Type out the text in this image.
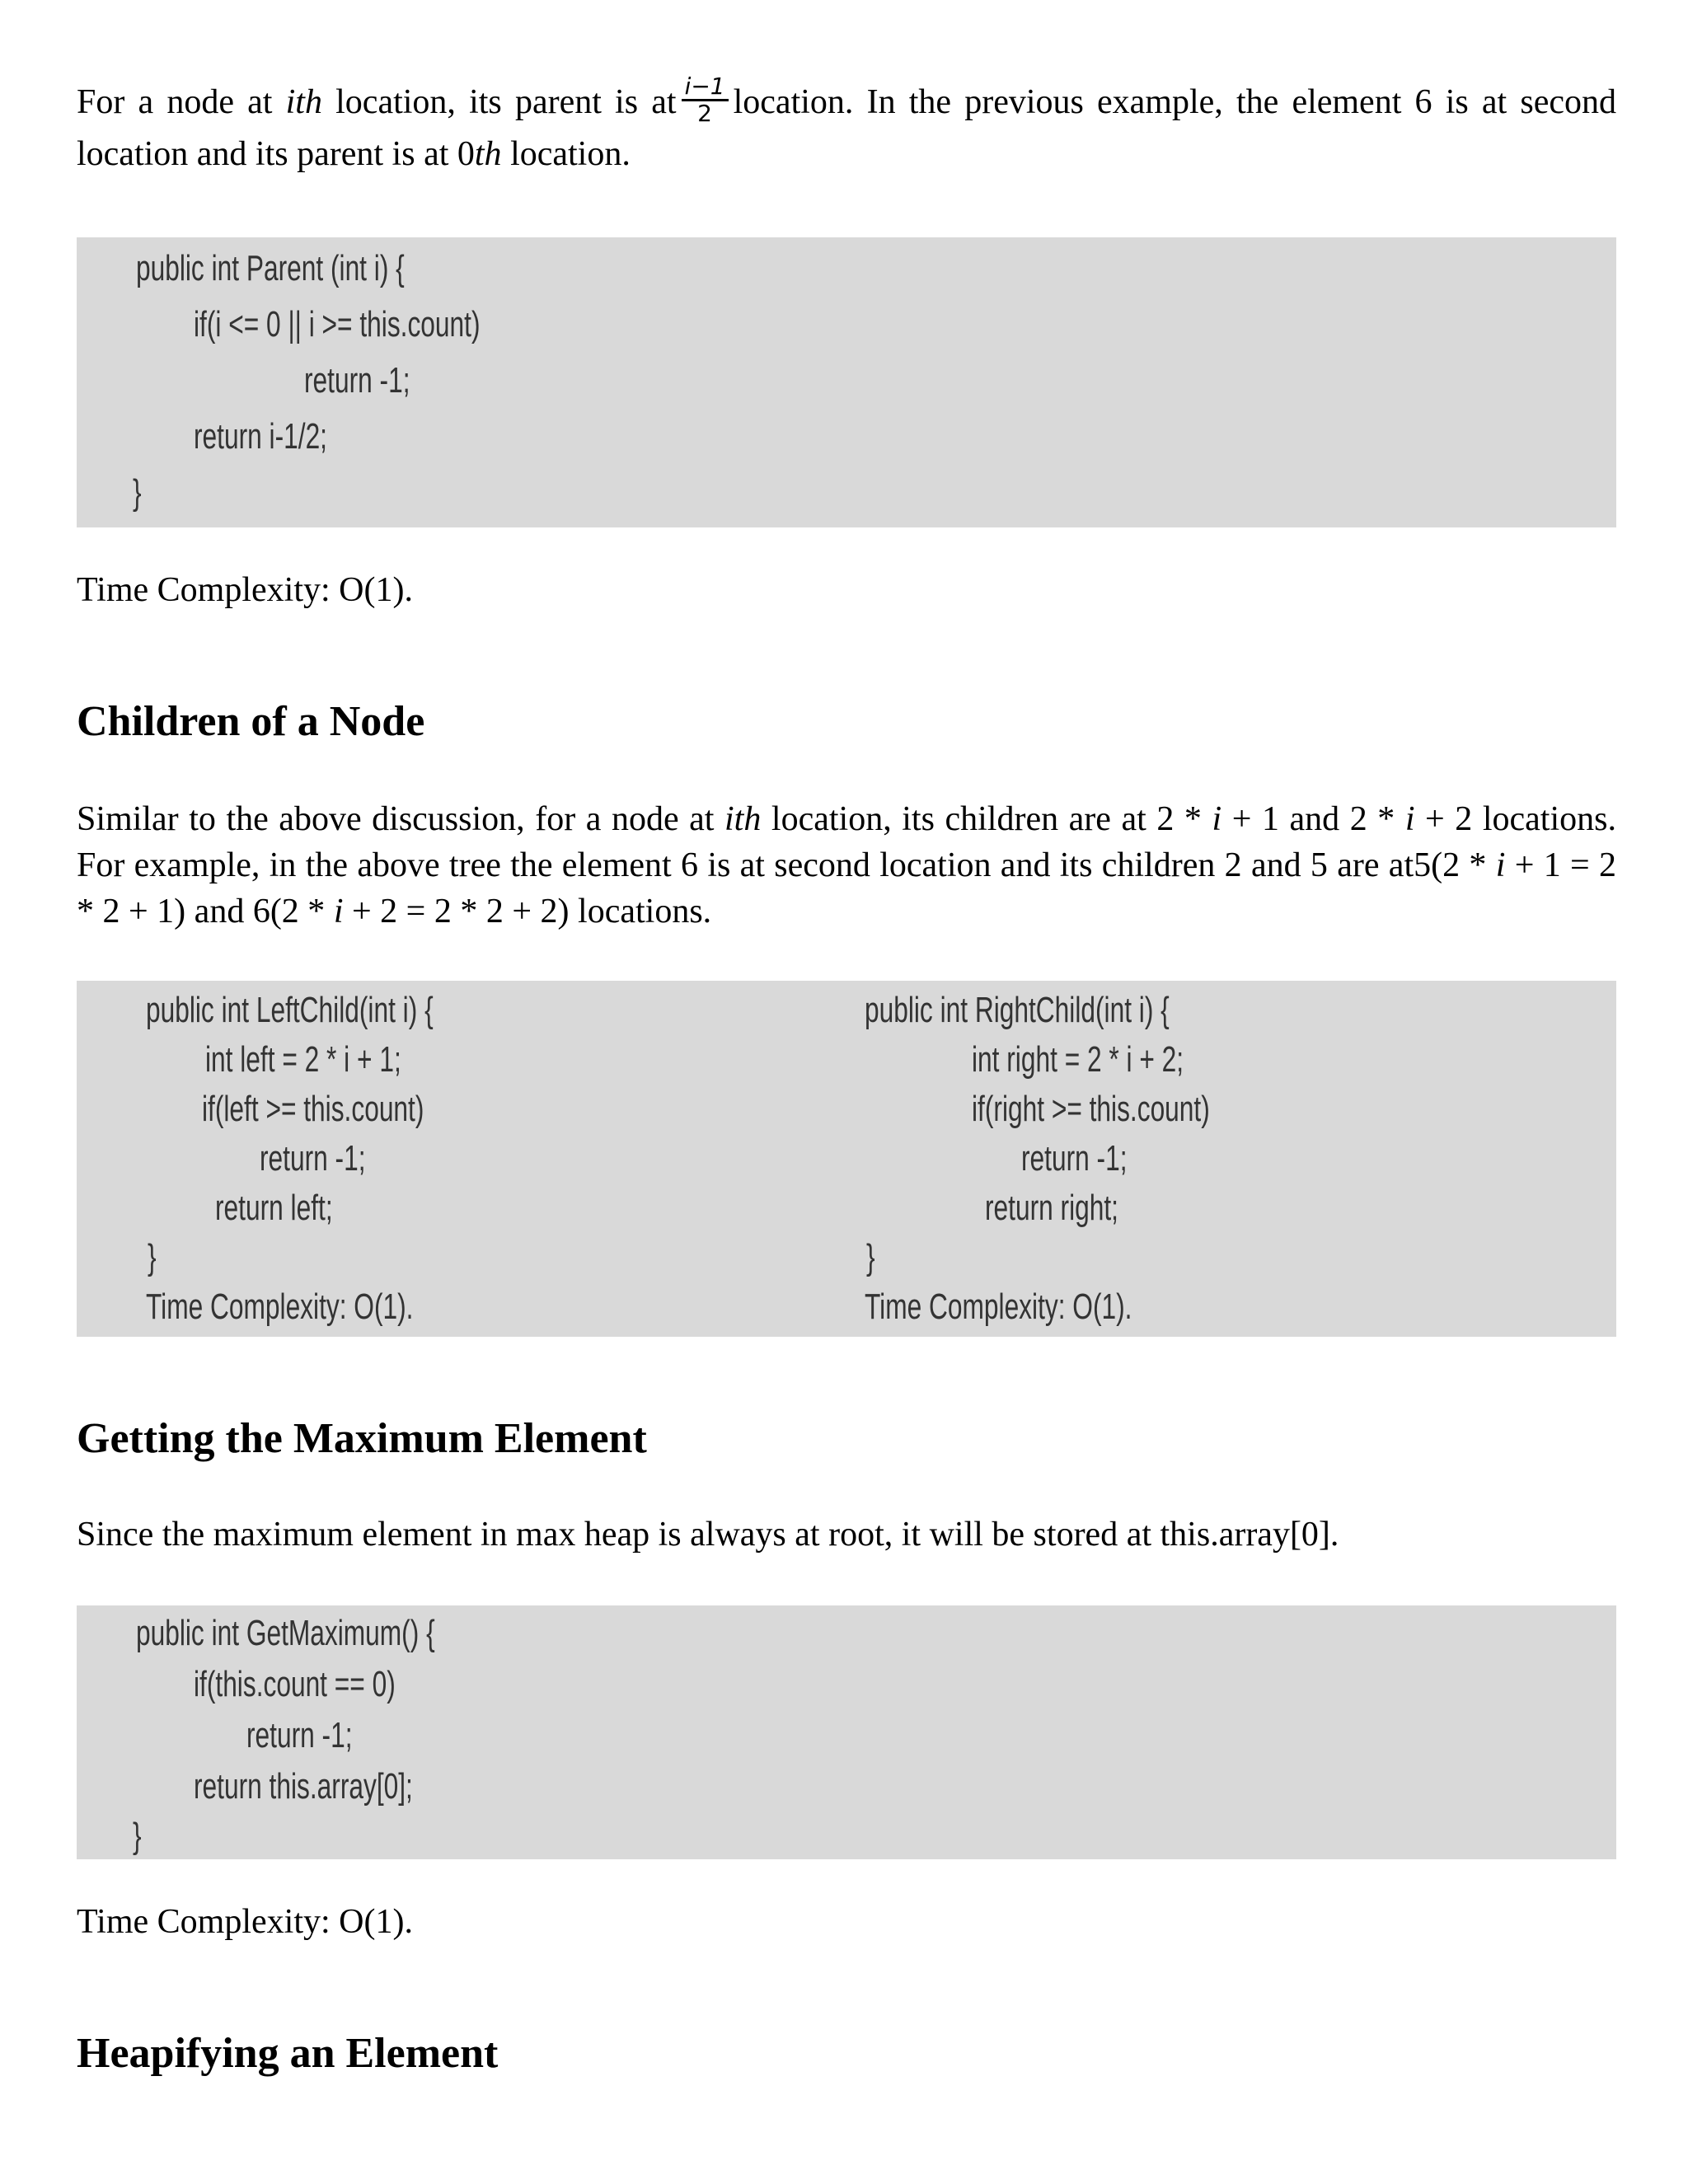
For a node at ith location, its parent is at $\frac{i-1}{2}$ location. In the previous example, the element 6 is at second location and its parent is at 0th location.

public int Parent (int i) {
if(i <= 0 || i >= this.count)
return -1;
return i-1/2;
}

Time Complexity: O(1).

Children of a Node

Similar to the above discussion, for a node at ith location, its children are at 2 * i + 1 and 2 * i + 2 locations. For example, in the above tree the element 6 is at second location and its children 2 and 5 are at5(2 * i + 1 = 2 * 2 + 1) and 6(2 * i + 2 = 2 * 2 + 2) locations.

public int LeftChild(int i) {
int left = 2 * i + 1;
if(left >= this.count)
return -1;
return left;
}
Time Complexity: O(1).
public int RightChild(int i) {
int right = 2 * i + 2;
if(right >= this.count)
return -1;
return right;
}
Time Complexity: O(1).
Getting the Maximum Element

Since the maximum element in max heap is always at root, it will be stored at this.array[0].

public int GetMaximum() {
if(this.count == 0)
return -1;
return this.array[0];
}

Time Complexity: O(1).

Heapifying an Element
